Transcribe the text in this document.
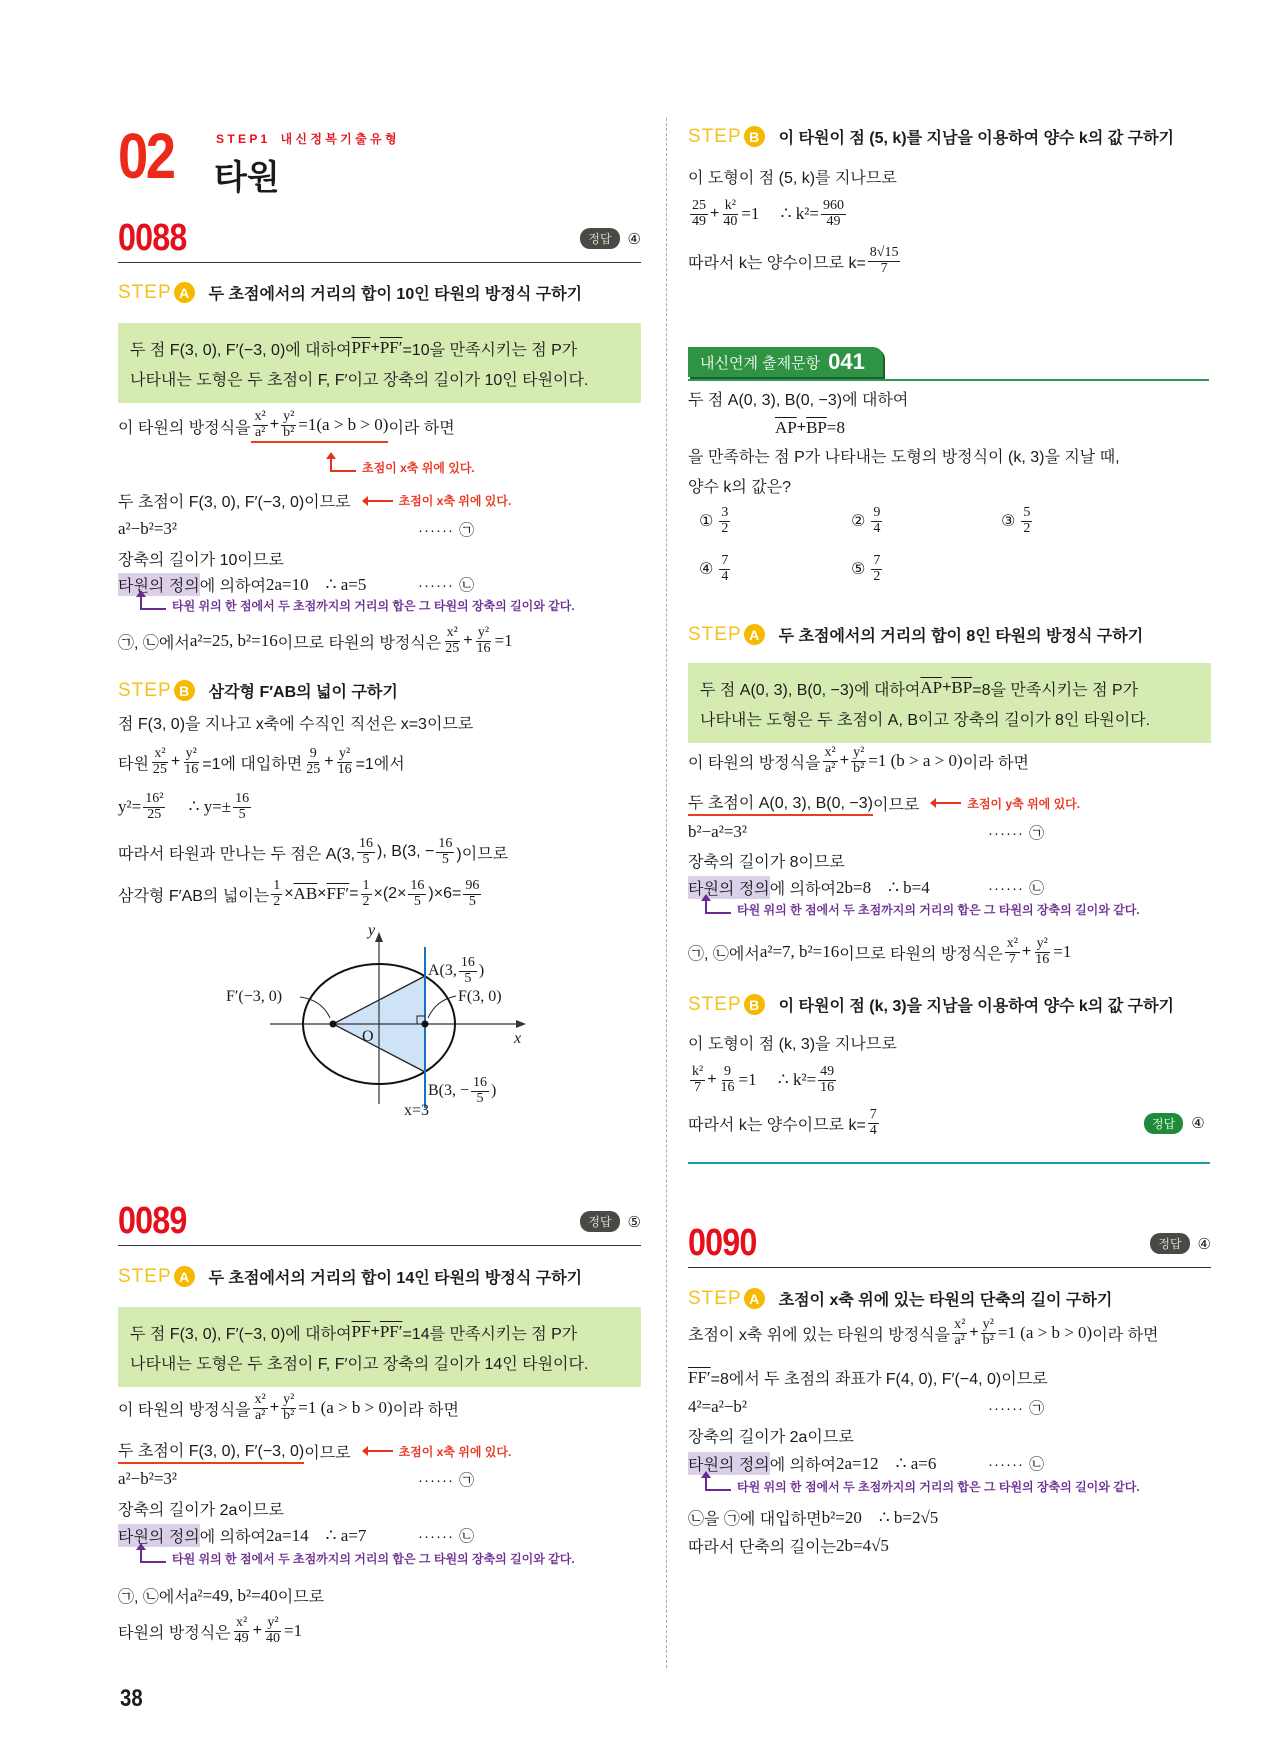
02	S T E P 1    내 신 정 복 기 출 유 형
타원
0088	정답	④
STEP A	두 초점에서의 거리의 합이 10인 타원의 방정식 구하기
두 점 F(3, 0), F′(−3, 0)에 대하여 $\overline{PF} + PF' =10$을 만족시키는 점 P가
나타내는 도형은 두 초점이 F, F′이고 장축의 길이가 10인 타원이다.
이 타원의 방정식을 $\frac{\text{x²}}{\text{a²}} + \frac{\text{y²}}{\text{b²}} =1(a > b > 0)$ 이라 하면
초점이 x축 위에 있다.
두 초점이 F(3, 0), F′(−3, 0)이므로	초점이 x축 위에 있다.
a²−b²=3²	······ ㉠
장축의 길이가 10이므로
타원의 정의 에 의하여 2a=10    ∴ a=5	······ ㉡
타원 위의 한 점에서 두 초점까지의 거리의 합은 그 타원의 장축의 길이와 같다.
㉠, ㉡에서 a²=25, b²=16 이므로 타원의 방정식은 $\frac{\text{x²}}{25} + \frac{\text{y²}}{16} =1$
STEP B	삼각형 F′AB의 넓이 구하기
점 F(3, 0)을 지나고 x축에 수직인 직선은 x=3이므로
타원 $\frac{\text{x²}}{25} + \frac{\text{y²}}{16} =1$에 대입하면 $\frac{9}{25} + \frac{\text{y²}}{16} =1$에서
$y^2= \frac{\text{16²}}{25}$ ∴ $y=\pm \frac{16}{5}$
따라서 타원과 만나는 두 점은 A(3, $\frac{16}{5}$ ), B(3, − $\frac{16}{5}$ )이므로
삼각형 F′AB의 넓이는 $\frac{1}{2} \times \overline{AB} \times FF' = \frac{1}{2} \times(2\times \frac{16}{5} )\times 6= \frac{96}{5}$
0089	정답	⑤
STEP A	두 초점에서의 거리의 합이 14인 타원의 방정식 구하기
두 점 F(3, 0), F′(−3, 0)에 대하여 $\overline{PF} + PF' =14$를 만족시키는 점 P가
나타내는 도형은 두 초점이 F, F′이고 장축의 길이가 14인 타원이다.
이 타원의 방정식을 $\frac{\text{x²}}{\text{a²}} + \frac{\text{y²}}{\text{b²}} =1$ (a > b > 0) 이라 하면
두 초점이 F(3, 0), F′(−3, 0) 이므로	초점이 x축 위에 있다.
a²−b²=3²	······ ㉠
장축의 길이가 2a이므로
타원의 정의 에 의하여 2a=14    ∴ a=7	······ ㉡
타원 위의 한 점에서 두 초점까지의 거리의 합은 그 타원의 장축의 길이와 같다.
㉠, ㉡에서 a²=49, b²=40 이므로
타원의 방정식은 $\frac{\text{x²}}{49} + \frac{\text{y²}}{40} =1$
STEP B	이 타원이 점 (5, k)를 지남을 이용하여 양수 k의 값 구하기
이 도형이 점 (5, k)를 지나므로
$\frac{25}{49} + \frac{\text{k²}}{40} =1$     ∴ $k^2= \frac{960}{49}$
따라서 k는 양수이므로 $k= \frac{8√15}{7}$
내신연계 출제문항 041
두 점 A(0, 3), B(0, −3)에 대하여
$\overline{AP} + \overline{BP} =8$
을 만족하는 점 P가 나타내는 도형의 방정식이 (k, 3)을 지날 때,
양수 k의 값은?
① $\frac{3}{2}$	② $\frac{9}{4}$	③ $\frac{5}{2}$
④ $\frac{7}{4}$	⑤ $\frac{7}{2}$
STEP A	두 초점에서의 거리의 합이 8인 타원의 방정식 구하기
두 점 A(0, 3), B(0, −3)에 대하여 $\overline{AP} + \overline{BP} =8$을 만족시키는 점 P가
나타내는 도형은 두 초점이 A, B이고 장축의 길이가 8인 타원이다.
이 타원의 방정식을 $\frac{\text{x²}}{\text{a²}} + \frac{\text{y²}}{\text{b²}} =1$ (b > a > 0) 이라 하면
두 초점이 A(0, 3), B(0, −3) 이므로	초점이 y축 위에 있다.
b²−a²=3²	······ ㉠
장축의 길이가 8이므로
타원의 정의 에 의하여 2b=8    ∴ b=4	······ ㉡
타원 위의 한 점에서 두 초점까지의 거리의 합은 그 타원의 장축의 길이와 같다.
㉠, ㉡에서 a²=7, b²=16 이므로 타원의 방정식은 $\frac{\text{x²}}{7} + \frac{\text{y²}}{16} =1$
STEP B	이 타원이 점 (k, 3)을 지남을 이용하여 양수 k의 값 구하기
이 도형이 점 (k, 3)을 지나므로
$\frac{\text{k²}}{7} + \frac{9}{16} =1$     ∴ $k^2= \frac{49}{16}$
따라서 k는 양수이므로 $k= \frac{7}{4}$	정답	④
0090	정답	④
STEP A	초점이 x축 위에 있는 타원의 단축의 길이 구하기
초점이 x축 위에 있는 타원의 방정식을 $\frac{\text{x²}}{\text{a²}} + \frac{\text{y²}}{\text{b²}} =1$ (a > b > 0) 이라 하면
FF′ =8에서 두 초점의 좌표가 F(4, 0), F′(−4, 0)이므로
4²=a²−b²	······ ㉠
장축의 길이가 2a이므로
타원의 정의 에 의하여 2a=12    ∴ a=6	······ ㉡
타원 위의 한 점에서 두 초점까지의 거리의 합은 그 타원의 장축의 길이와 같다.
㉡을 ㉠에 대입하면 b²=20    ∴ b=2√5
따라서 단축의 길이는 2b=4√5
y
A(3, $\frac{16}{5}$ )
F′(−3, 0)	F(3, 0)
O	x
B(3, − $\frac{16}{5}$ )
x=3
38
